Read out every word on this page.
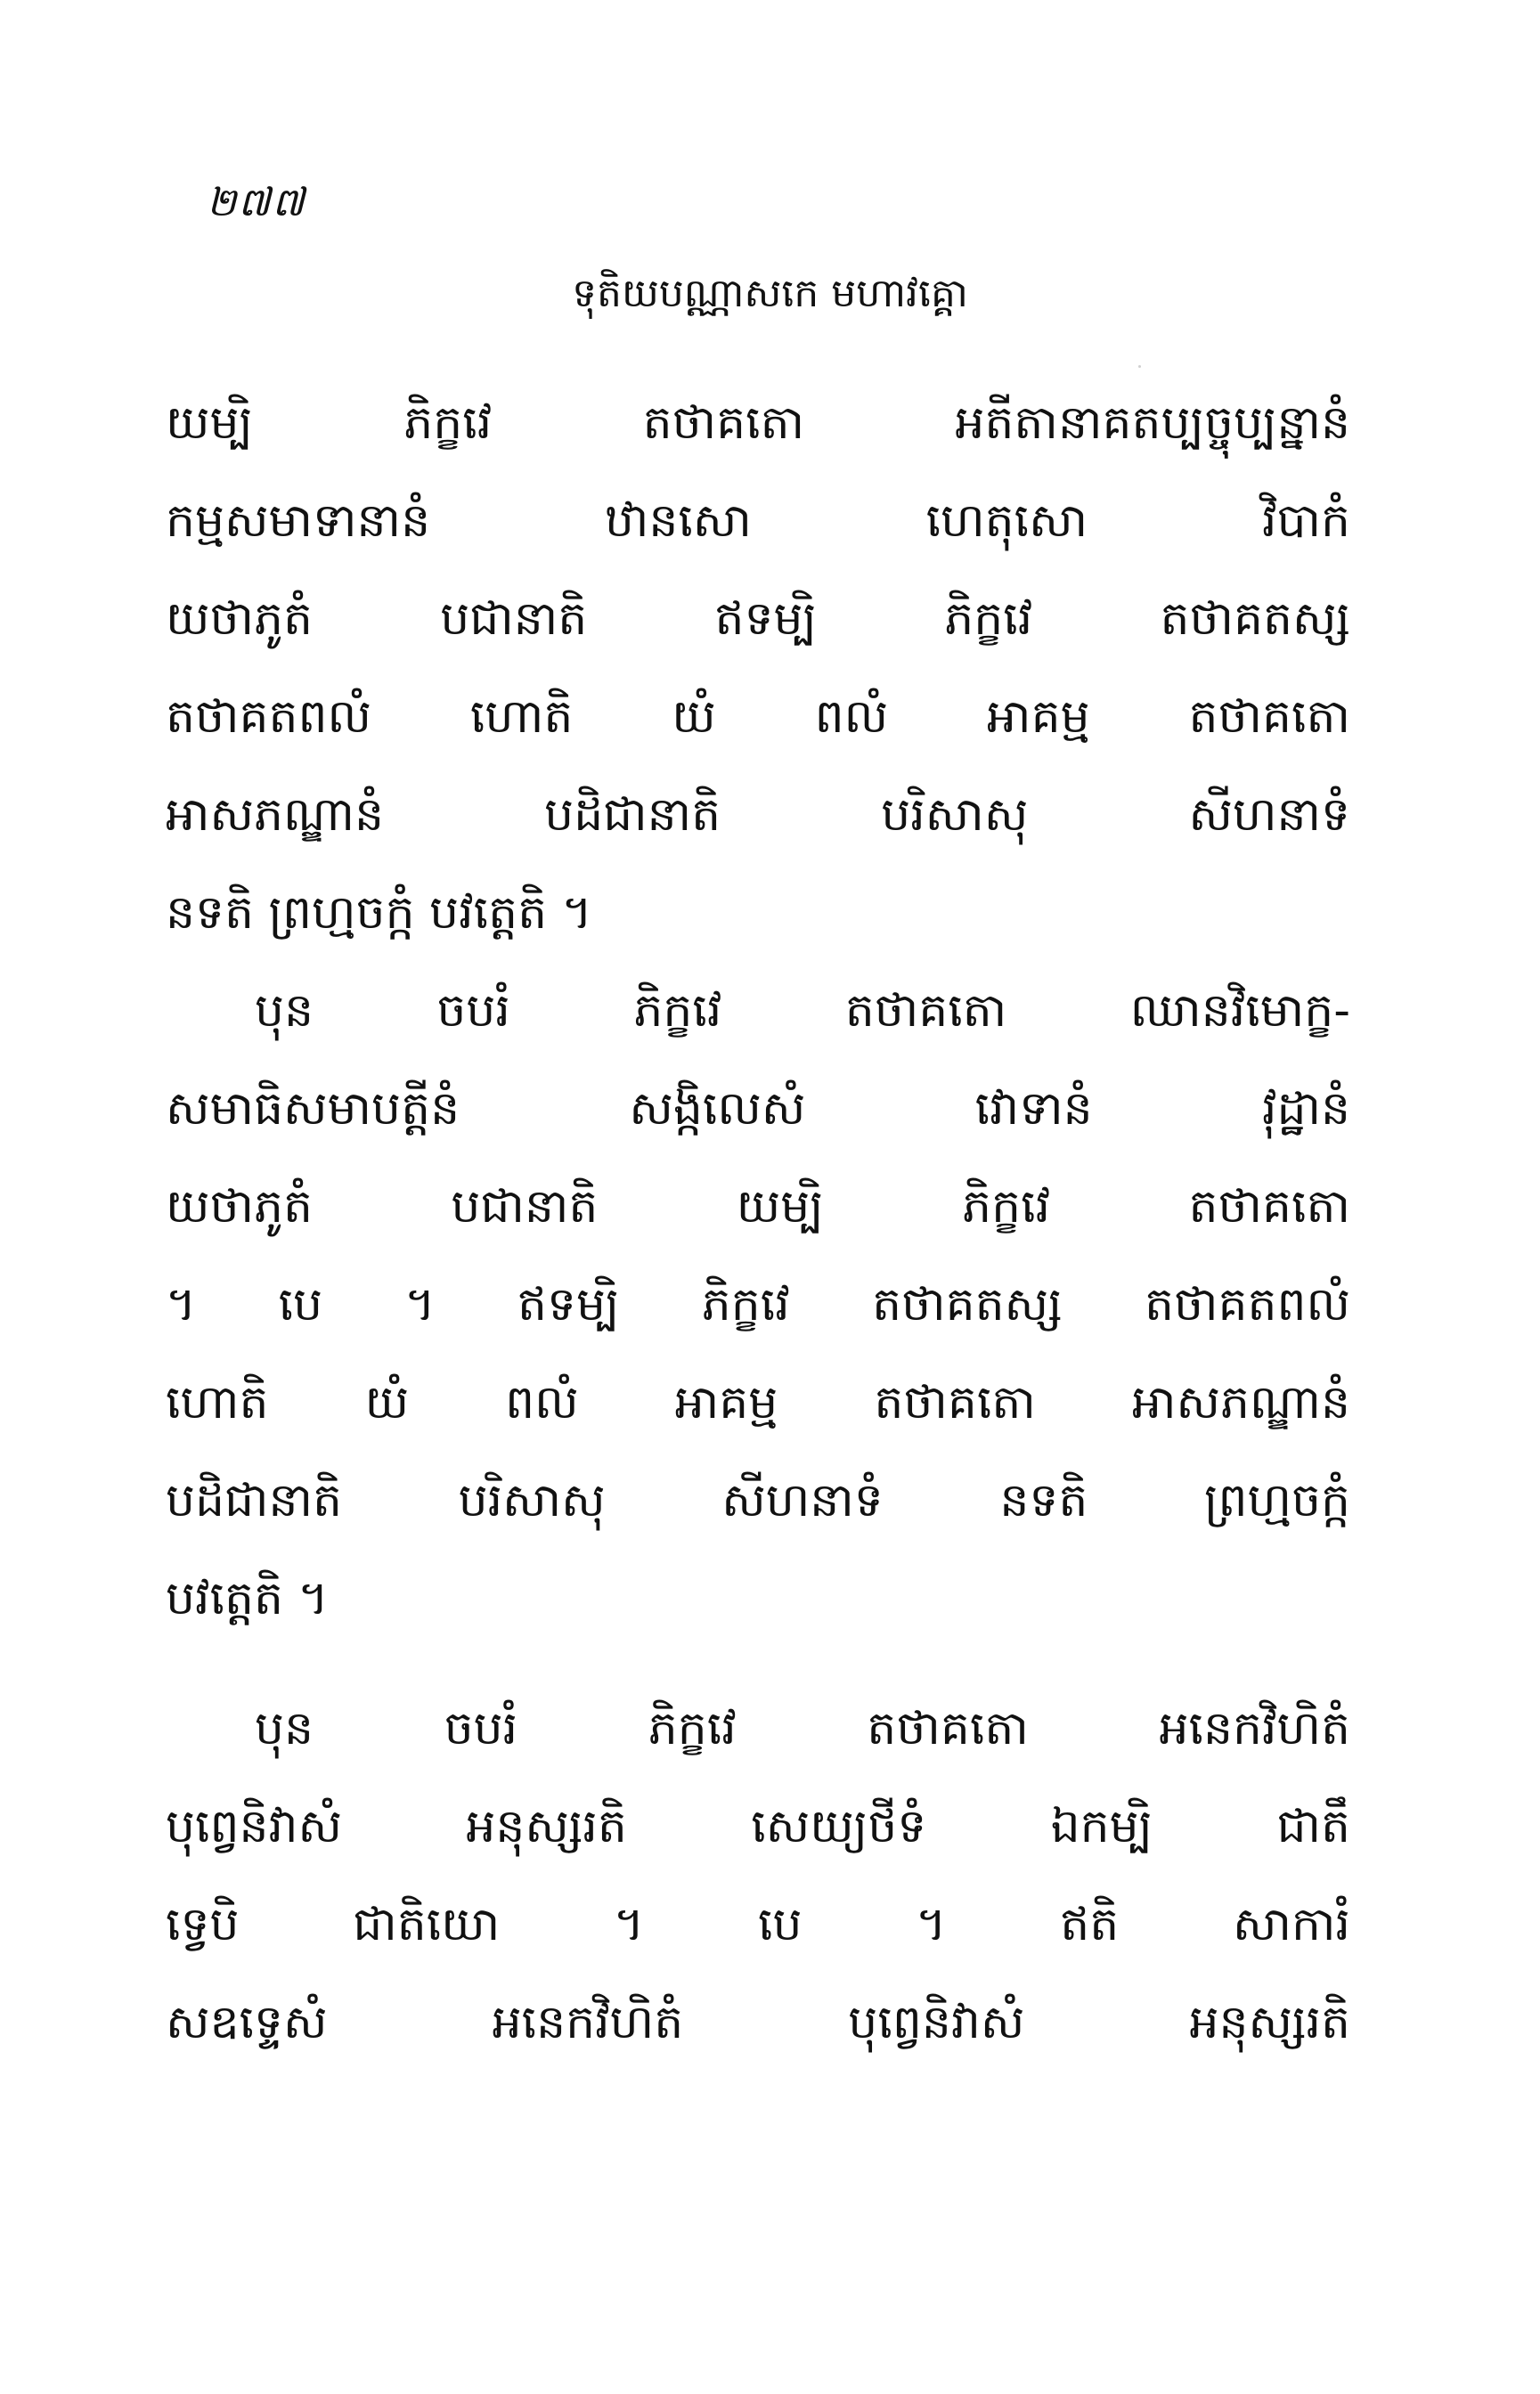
២៧៧
ទុតិយបណ្ណាសកេ មហាវគ្គោ
យម្បិ ភិក្ខវេ តថាគតោ អតីតានាគតប្បច្ចុប្បន្នានំ
កម្មសមាទានានំ ឋានសោ ហេតុសោ វិបាកំ
យថាភូតំ បជានាតិ ឥទម្បិ ភិក្ខវេ តថាគតស្ស
តថាគតពលំ ហោតិ យំ ពលំ អាគម្ម តថាគតោ
អាសភណ្ឌានំ បដិជានាតិ បរិសាសុ សីហនាទំ
នទតិ ព្រហ្មចក្កំ បវត្តេតិ ។
បុន ចបរំ ភិក្ខវេ តថាគតោ ឈានវិមោក្ខ-
សមាធិសមាបត្តីនំ សង្កិលេសំ វោទានំ វុដ្ឋានំ
យថាភូតំ បជានាតិ យម្បិ ភិក្ខវេ តថាគតោ
។ បេ ។ ឥទម្បិ ភិក្ខវេ តថាគតស្ស តថាគតពលំ
ហោតិ យំ ពលំ អាគម្ម តថាគតោ អាសភណ្ឌានំ
បដិជានាតិ បរិសាសុ សីហនាទំ នទតិ ព្រហ្មចក្កំ
បវត្តេតិ ។
បុន ចបរំ ភិក្ខវេ តថាគតោ អនេកវិហិតំ
បុព្វេនិវាសំ អនុស្សរតិ សេយ្យថីទំ ឯកម្បិ ជាតឹ
ទ្វេបិ ជាតិយោ ។ បេ ។ ឥតិ សាការំ
សឧទ្ទេសំ អនេកវិហិតំ បុព្វេនិវាសំ អនុស្សរតិ
